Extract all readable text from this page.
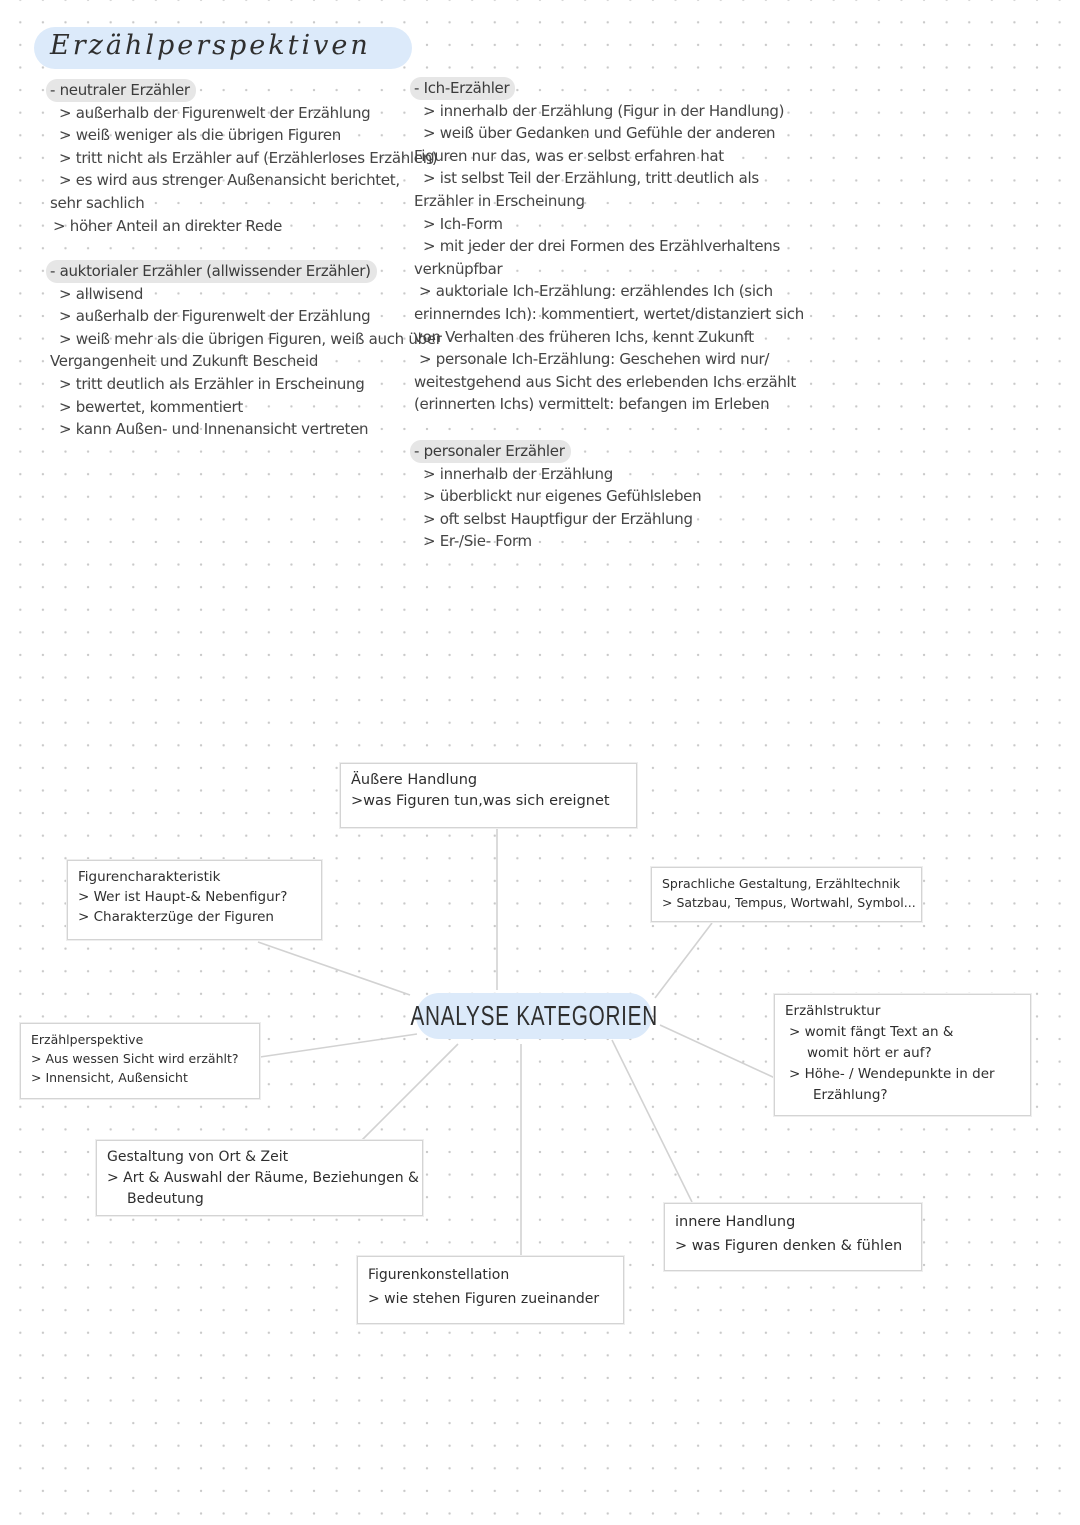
Erzählperspektiven
- neutraler Erzähler
> außerhalb der Figurenwelt der Erzählung
> weiß weniger als die übrigen Figuren
> tritt nicht als Erzähler auf (Erzählerloses Erzählen)
> es wird aus strenger Außenansicht berichtet,
sehr sachlich
> höher Anteil an direkter Rede
- auktorialer Erzähler (allwissender Erzähler)
> allwisend
> außerhalb der Figurenwelt der Erzählung
> weiß mehr als die übrigen Figuren, weiß auch über
Vergangenheit und Zukunft Bescheid
> tritt deutlich als Erzähler in Erscheinung
> bewertet, kommentiert
> kann Außen- und Innenansicht vertreten
- Ich-Erzähler
> innerhalb der Erzählung (Figur in der Handlung)
> weiß über Gedanken und Gefühle der anderen
Figuren nur das, was er selbst erfahren hat
> ist selbst Teil der Erzählung, tritt deutlich als
Erzähler in Erscheinung
> Ich-Form
> mit jeder der drei Formen des Erzählverhaltens
verknüpfbar
> auktoriale Ich-Erzählung: erzählendes Ich (sich
erinnerndes Ich): kommentiert, wertet/distanziert sich
von Verhalten des früheren Ichs, kennt Zukunft
> personale Ich-Erzählung: Geschehen wird nur/
weitestgehend aus Sicht des erlebenden Ichs erzählt
(erinnerten Ichs) vermittelt: befangen im Erleben
- personaler Erzähler
> innerhalb der Erzählung
> überblickt nur eigenes Gefühlsleben
> oft selbst Hauptfigur der Erzählung
> Er-/Sie- Form
ANALYSE KATEGORIEN
Äußere Handlung
>was Figuren tun,was sich ereignet
Figurencharakteristik
> Wer ist Haupt-& Nebenfigur?
> Charakterzüge der Figuren
Sprachliche Gestaltung, Erzähltechnik
> Satzbau, Tempus, Wortwahl, Symbol...
Erzählperspektive
> Aus wessen Sicht wird erzählt?
> Innensicht, Außensicht
Erzählstruktur
> womit fängt Text an &
womit hört er auf?
> Höhe- / Wendepunkte in der
Erzählung?
Gestaltung von Ort & Zeit
> Art & Auswahl der Räume, Beziehungen &
Bedeutung
innere Handlung
> was Figuren denken & fühlen
Figurenkonstellation
> wie stehen Figuren zueinander
